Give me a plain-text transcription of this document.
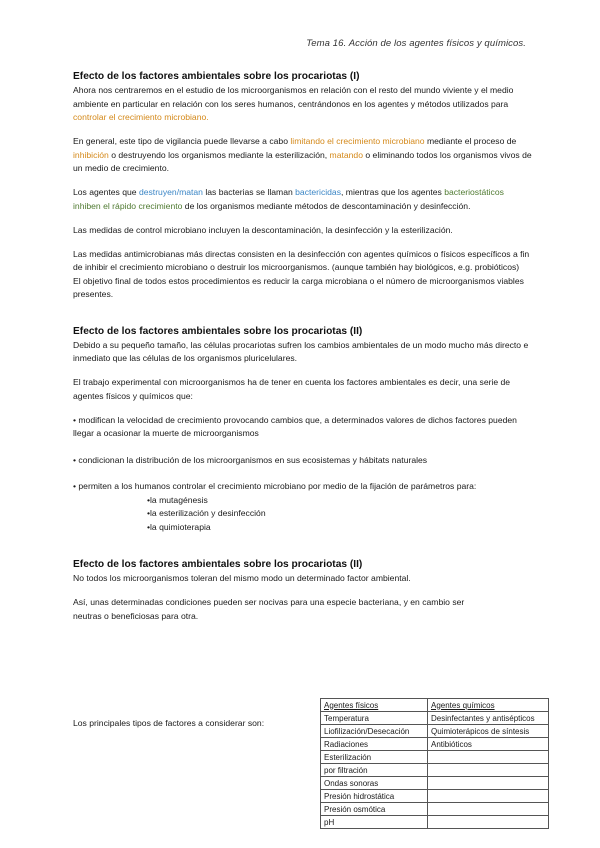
Tema 16. Acción de los agentes físicos y químicos.
Efecto de los factores ambientales sobre los procariotas (I)

Ahora nos centraremos en el estudio de los microorganismos en relación con el resto del mundo viviente y el medio ambiente en particular en relación con los seres humanos, centrándonos en los agentes y métodos utilizados para controlar el crecimiento microbiano.

En general, este tipo de vigilancia puede llevarse a cabo limitando el crecimiento microbiano mediante el proceso de inhibición o destruyendo los organismos mediante la esterilización, matando o eliminando todos los organismos vivos de un medio de crecimiento.

Los agentes que destruyen/matan las bacterias se llaman bactericidas, mientras que los agentes bacteriostáticos inhiben el rápido crecimiento de los organismos mediante métodos de descontaminación y desinfección.

Las medidas de control microbiano incluyen la descontaminación, la desinfección y la esterilización.

Las medidas antimicrobianas más directas consisten en la desinfección con agentes químicos o físicos específicos a fin de inhibir el crecimiento microbiano o destruir los microorganismos. (aunque también hay biológicos, e.g. probióticos)

El objetivo final de todos estos procedimientos es reducir la carga microbiana o el número de microorganismos viables presentes.

Efecto de los factores ambientales sobre los procariotas (II)

Debido a su pequeño tamaño, las células procariotas sufren los cambios ambientales de un modo mucho más directo e inmediato que las células de los organismos pluricelulares.

El trabajo experimental con microorganismos ha de tener en cuenta los factores ambientales es decir, una serie de agentes físicos y químicos que:

• modifican la velocidad de crecimiento provocando cambios que, a determinados valores de dichos factores pueden llegar a ocasionar la muerte de microorganismos

• condicionan la distribución de los microorganismos en sus ecosistemas y hábitats naturales

• permiten a los humanos controlar el crecimiento microbiano por medio de la fijación de parámetros para:

•la mutagénesis

•la esterilización y desinfección

•la quimioterapia

Efecto de los factores ambientales sobre los procariotas (II)

No todos los microorganismos toleran del mismo modo un determinado factor ambiental.

Así, unas determinadas condiciones pueden ser nocivas para una especie bacteriana, y en cambio ser neutras o beneficiosas para otra.

Los principales tipos de factores a considerar son:

Agentes físicos	Agentes químicos
Temperatura	Desinfectantes y antisépticos
Liofilización/Desecación	Quimioterápicos de síntesis
Radiaciones	Antibióticos
Esterilización	
por filtración	
Ondas sonoras	
Presión hidrostática	
Presión osmótica	
pH	
